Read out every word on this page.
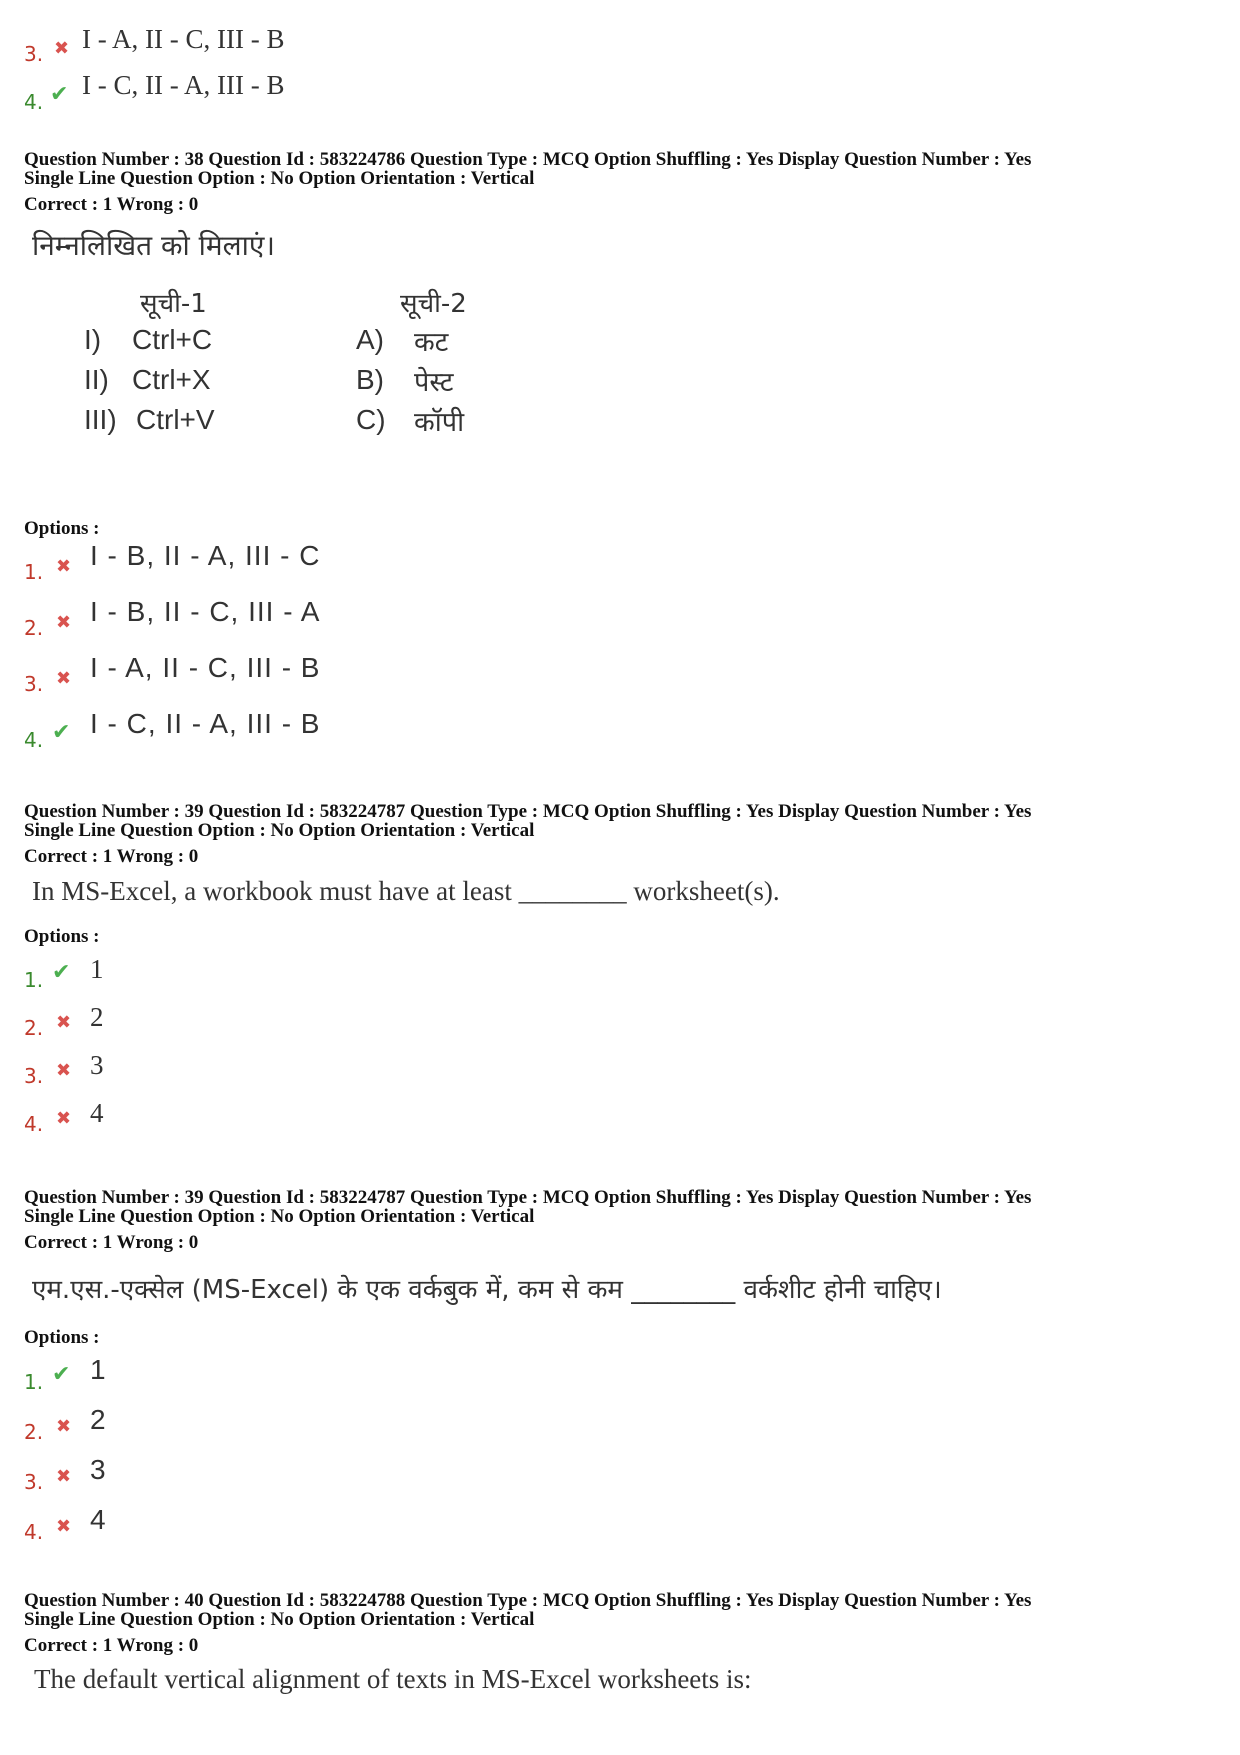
3. ✖ I - A, II - C, III - B
4. ✔ I - C, II - A, III - B
Question Number : 38 Question Id : 583224786 Question Type : MCQ Option Shuffling : Yes Display Question Number : Yes
Single Line Question Option : No Option Orientation : Vertical
Correct : 1 Wrong : 0
निम्नलिखित को मिलाएं।
सूची-1	सूची-2
I) Ctrl+C
II) Ctrl+X
III) Ctrl+V
A) कट
B) पेस्ट
C) कॉपी
Options :
1. ✖ I - B, II - A, III - C
2. ✖ I - B, II - C, III - A
3. ✖ I - A, II - C, III - B
4. ✔ I - C, II - A, III - B
Question Number : 39 Question Id : 583224787 Question Type : MCQ Option Shuffling : Yes Display Question Number : Yes
Single Line Question Option : No Option Orientation : Vertical
Correct : 1 Wrong : 0
In MS-Excel, a workbook must have at least ________ worksheet(s).
Options :
1. ✔ 1
2. ✖ 2
3. ✖ 3
4. ✖ 4
Question Number : 39 Question Id : 583224787 Question Type : MCQ Option Shuffling : Yes Display Question Number : Yes
Single Line Question Option : No Option Orientation : Vertical
Correct : 1 Wrong : 0
एम.एस.-एक्सेल (MS-Excel) के एक वर्कबुक में, कम से कम ________ वर्कशीट होनी चाहिए।
Options :
1. ✔ 1
2. ✖ 2
3. ✖ 3
4. ✖ 4
Question Number : 40 Question Id : 583224788 Question Type : MCQ Option Shuffling : Yes Display Question Number : Yes
Single Line Question Option : No Option Orientation : Vertical
Correct : 1 Wrong : 0
The default vertical alignment of texts in MS-Excel worksheets is:
